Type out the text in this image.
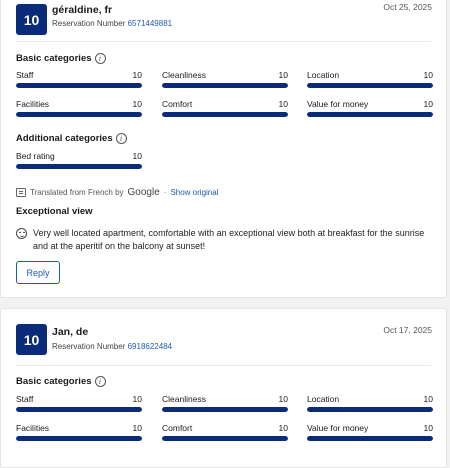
10
géraldine, fr
Reservation Number 6571449881
Oct 25, 2025
Basic categories	i
Staff	10 Cleanliness	10 Location	10
Facilities	10 Comfort	10 Value for money	10
Additional categories	i
Bed rating	10
Translated from French by Google · Show original
Exceptional view
Very well located apartment, comfortable with an exceptional view both at breakfast for the sunrise and at the aperitif on the balcony at sunset!
Reply
10	Jan, de
Reservation Number 6918622484
Oct 17, 2025
Basic categories	i
Staff	10 Cleanliness	10 Location	10
Facilities	10 Comfort	10 Value for money	10
